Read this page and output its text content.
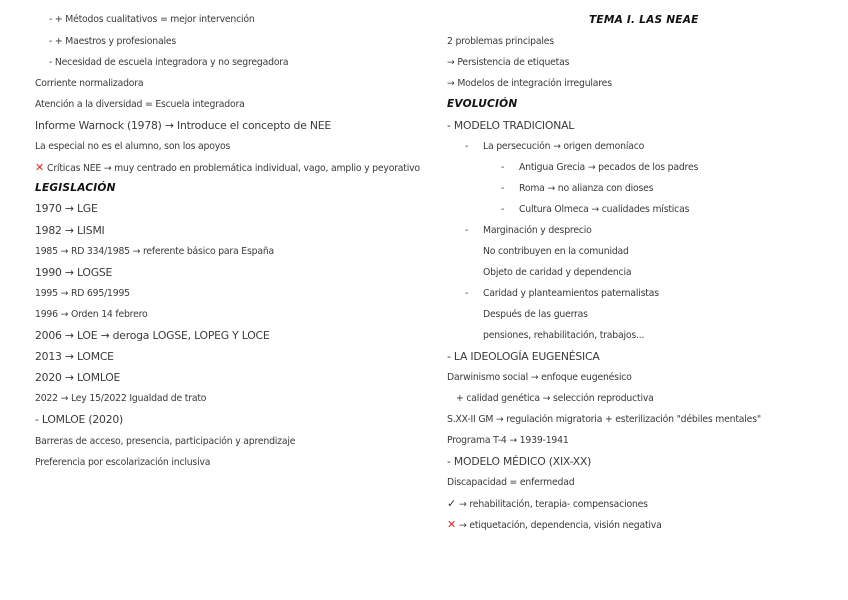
TEMA I. LAS NEAE
- + Métodos cualitativos = mejor intervención
- + Maestros y profesionales
- Necesidad de escuela integradora y no segregadora
Corriente normalizadora
Atención a la diversidad = Escuela integradora
Informe Warnock (1978) → Introduce el concepto de NEE
La especial no es el alumno, son los apoyos
✕ Críticas NEE → muy centrado en problemática individual, vago, amplio y peyorativo
LEGISLACIÓN
1970 → LGE
1982 → LISMI
1985 → RD 334/1985 → referente básico para España
1990 → LOGSE
1995 → RD 695/1995
1996 → Orden 14 febrero
2006 → LOE → deroga LOGSE, LOPEG Y LOCE
2013 → LOMCE
2020 → LOMLOE
2022 → Ley 15/2022 Igualdad de trato
- LOMLOE (2020)
Barreras de acceso, presencia, participación y aprendizaje
Preferencia por escolarización inclusiva
2 problemas principales
→ Persistencia de etiquetas
→ Modelos de integración irregulares
EVOLUCIÓN
- MODELO TRADICIONAL
- La persecución → origen demoníaco
- Antigua Grecia → pecados de los padres
- Roma → no alianza con dioses
- Cultura Olmeca → cualidades místicas
- Marginación y desprecio
No contribuyen en la comunidad
Objeto de caridad y dependencia
- Caridad y planteamientos paternalistas
Después de las guerras
pensiones, rehabilitación, trabajos...
- LA IDEOLOGÍA EUGENÉSICA
Darwinismo social → enfoque eugenésico
+ calidad genética → selección reproductiva
S.XX-II GM → regulación migratoria + esterilización "débiles mentales"
Programa T-4 → 1939-1941
- MODELO MÉDICO (XIX-XX)
Discapacidad = enfermedad
✓ → rehabilitación, terapia- compensaciones
✕ → etiquetación, dependencia, visión negativa
